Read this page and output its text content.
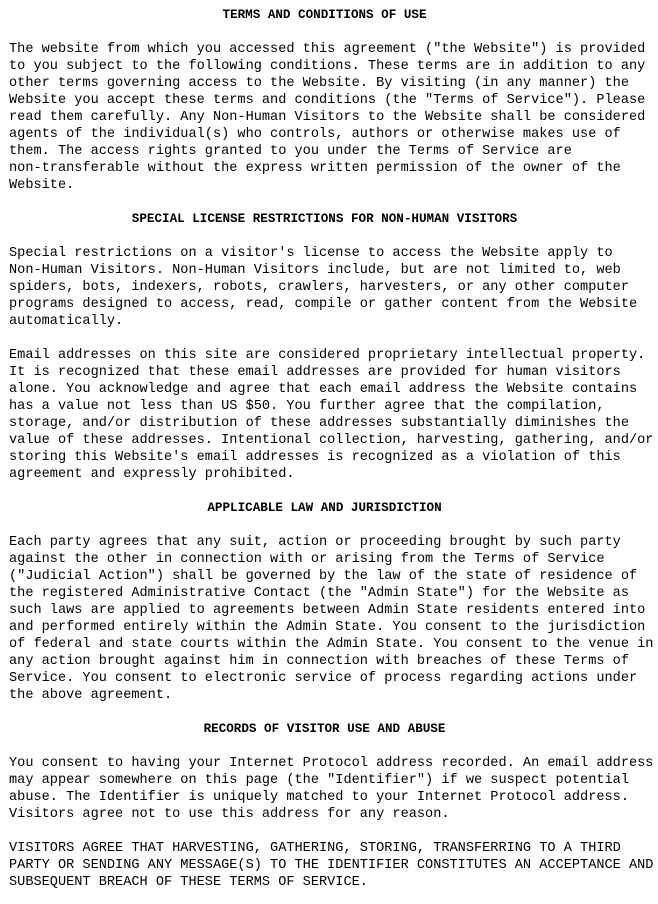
TERMS AND CONDITIONS OF USE

The website from which you accessed this agreement ("the Website") is provided
to you subject to the following conditions. These terms are in addition to any
other terms governing access to the Website. By visiting (in any manner) the
Website you accept these terms and conditions (the "Terms of Service"). Please
read them carefully. Any Non-Human Visitors to the Website shall be considered
agents of the individual(s) who controls, authors or otherwise makes use of
them. The access rights granted to you under the Terms of Service are
non-transferable without the express written permission of the owner of the
Website.

SPECIAL LICENSE RESTRICTIONS FOR NON-HUMAN VISITORS

Special restrictions on a visitor's license to access the Website apply to
Non-Human Visitors. Non-Human Visitors include, but are not limited to, web
spiders, bots, indexers, robots, crawlers, harvesters, or any other computer
programs designed to access, read, compile or gather content from the Website
automatically.

Email addresses on this site are considered proprietary intellectual property.
It is recognized that these email addresses are provided for human visitors
alone. You acknowledge and agree that each email address the Website contains
has a value not less than US $50. You further agree that the compilation,
storage, and/or distribution of these addresses substantially diminishes the
value of these addresses. Intentional collection, harvesting, gathering, and/or
storing this Website's email addresses is recognized as a violation of this
agreement and expressly prohibited.

APPLICABLE LAW AND JURISDICTION

Each party agrees that any suit, action or proceeding brought by such party
against the other in connection with or arising from the Terms of Service
("Judicial Action") shall be governed by the law of the state of residence of
the registered Administrative Contact (the "Admin State") for the Website as
such laws are applied to agreements between Admin State residents entered into
and performed entirely within the Admin State. You consent to the jurisdiction
of federal and state courts within the Admin State. You consent to the venue in
any action brought against him in connection with breaches of these Terms of
Service. You consent to electronic service of process regarding actions under
the above agreement.

RECORDS OF VISITOR USE AND ABUSE

You consent to having your Internet Protocol address recorded. An email address
may appear somewhere on this page (the "Identifier") if we suspect potential
abuse. The Identifier is uniquely matched to your Internet Protocol address.
Visitors agree not to use this address for any reason.

VISITORS AGREE THAT HARVESTING, GATHERING, STORING, TRANSFERRING TO A THIRD
PARTY OR SENDING ANY MESSAGE(S) TO THE IDENTIFIER CONSTITUTES AN ACCEPTANCE AND
SUBSEQUENT BREACH OF THESE TERMS OF SERVICE.
